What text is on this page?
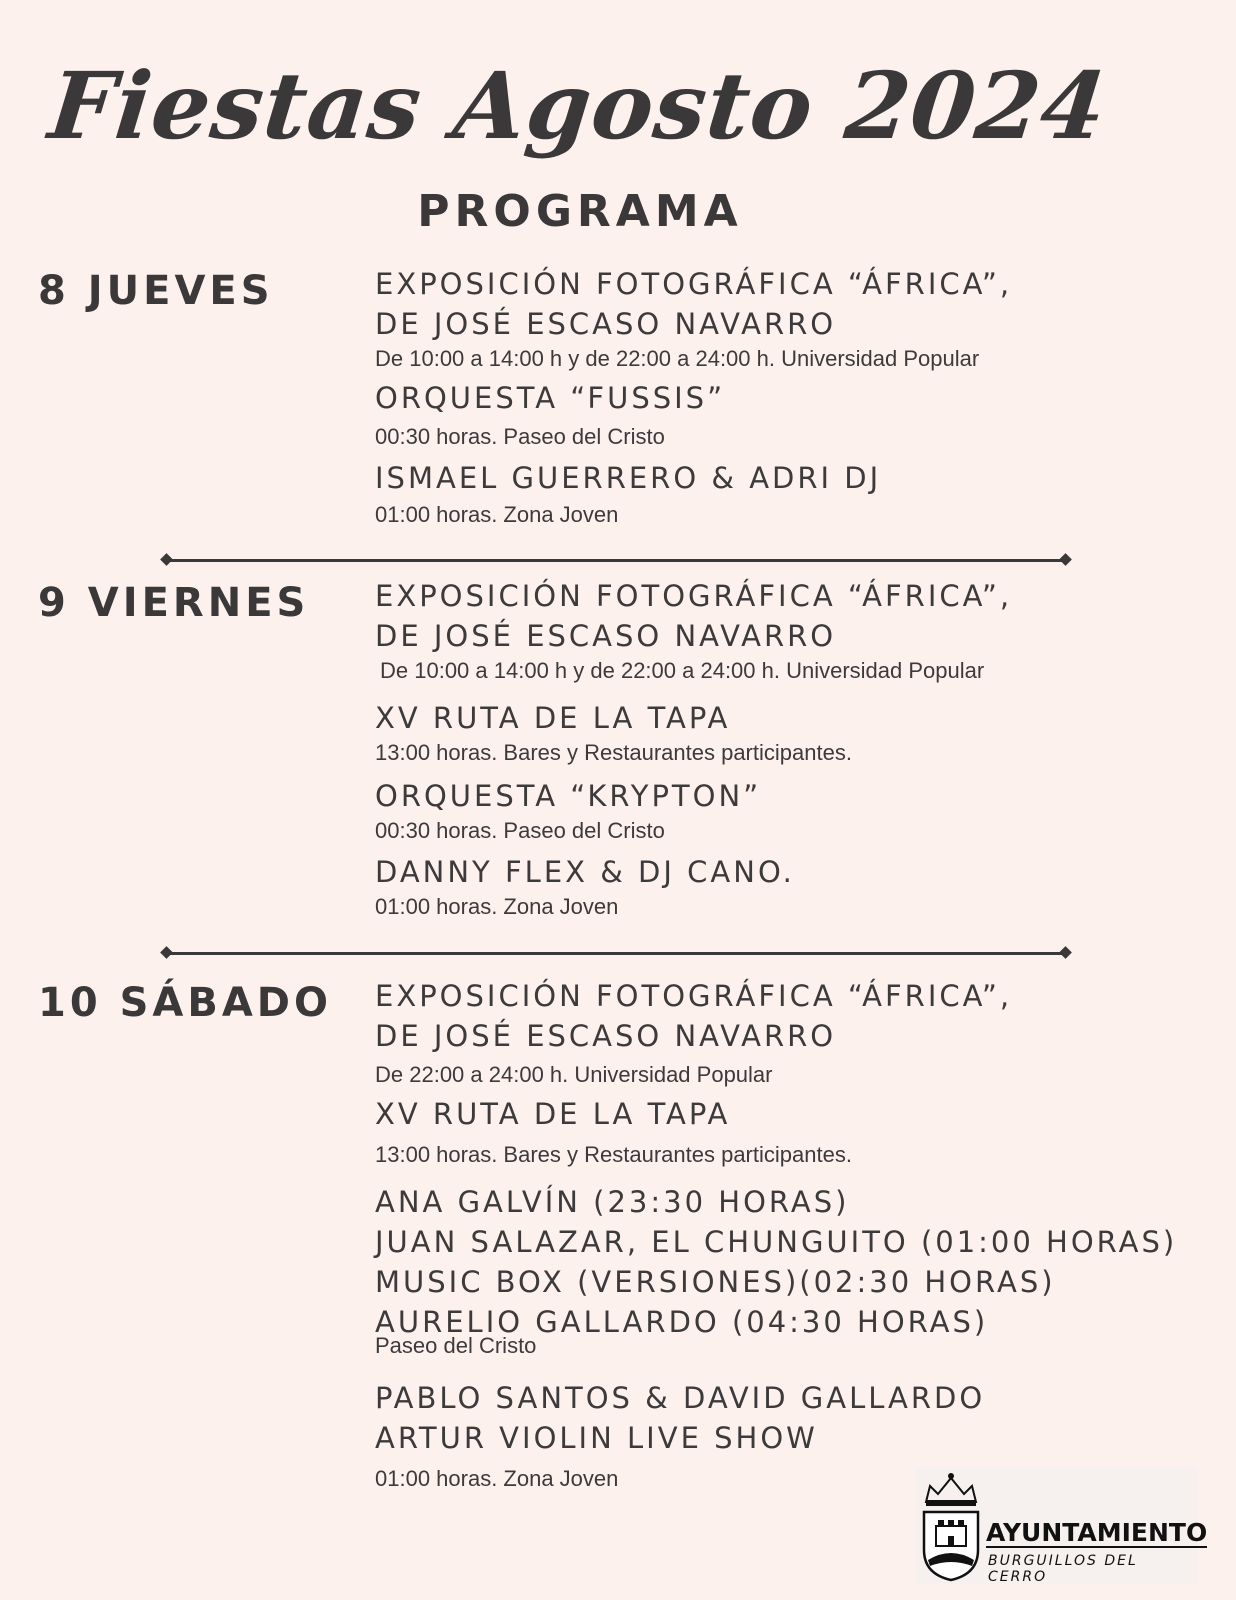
Fiestas Agosto 2024
PROGRAMA
8 JUEVES	EXPOSICIÓN FOTOGRÁFICA “ÁFRICA”,
DE JOSÉ ESCASO NAVARRO
De 10:00 a 14:00 h y de 22:00 a 24:00 h. Universidad Popular
ORQUESTA “FUSSIS”
00:30 horas. Paseo del Cristo
ISMAEL GUERRERO & ADRI DJ
01:00 horas. Zona Joven
9 VIERNES EXPOSICIÓN FOTOGRÁFICA “ÁFRICA”,
DE JOSÉ ESCASO NAVARRO
De 10:00 a 14:00 h y de 22:00 a 24:00 h. Universidad Popular
XV RUTA DE LA TAPA
13:00 horas. Bares y Restaurantes participantes.
ORQUESTA “KRYPTON”
00:30 horas. Paseo del Cristo
DANNY FLEX & DJ CANO.
01:00 horas. Zona Joven
10 SÁBADO EXPOSICIÓN FOTOGRÁFICA “ÁFRICA”,
DE JOSÉ ESCASO NAVARRO
De 22:00 a 24:00 h. Universidad Popular
XV RUTA DE LA TAPA
13:00 horas. Bares y Restaurantes participantes.
ANA GALVÍN (23:30 HORAS)
JUAN SALAZAR, EL CHUNGUITO (01:00 HORAS)
MUSIC BOX (VERSIONES)(02:30 HORAS)
AURELIO GALLARDO (04:30 HORAS)
Paseo del Cristo
PABLO SANTOS & DAVID GALLARDO
ARTUR VIOLIN LIVE SHOW
01:00 horas. Zona Joven
AYUNTAMIENTO
BURGUILLOS DEL CERRO
